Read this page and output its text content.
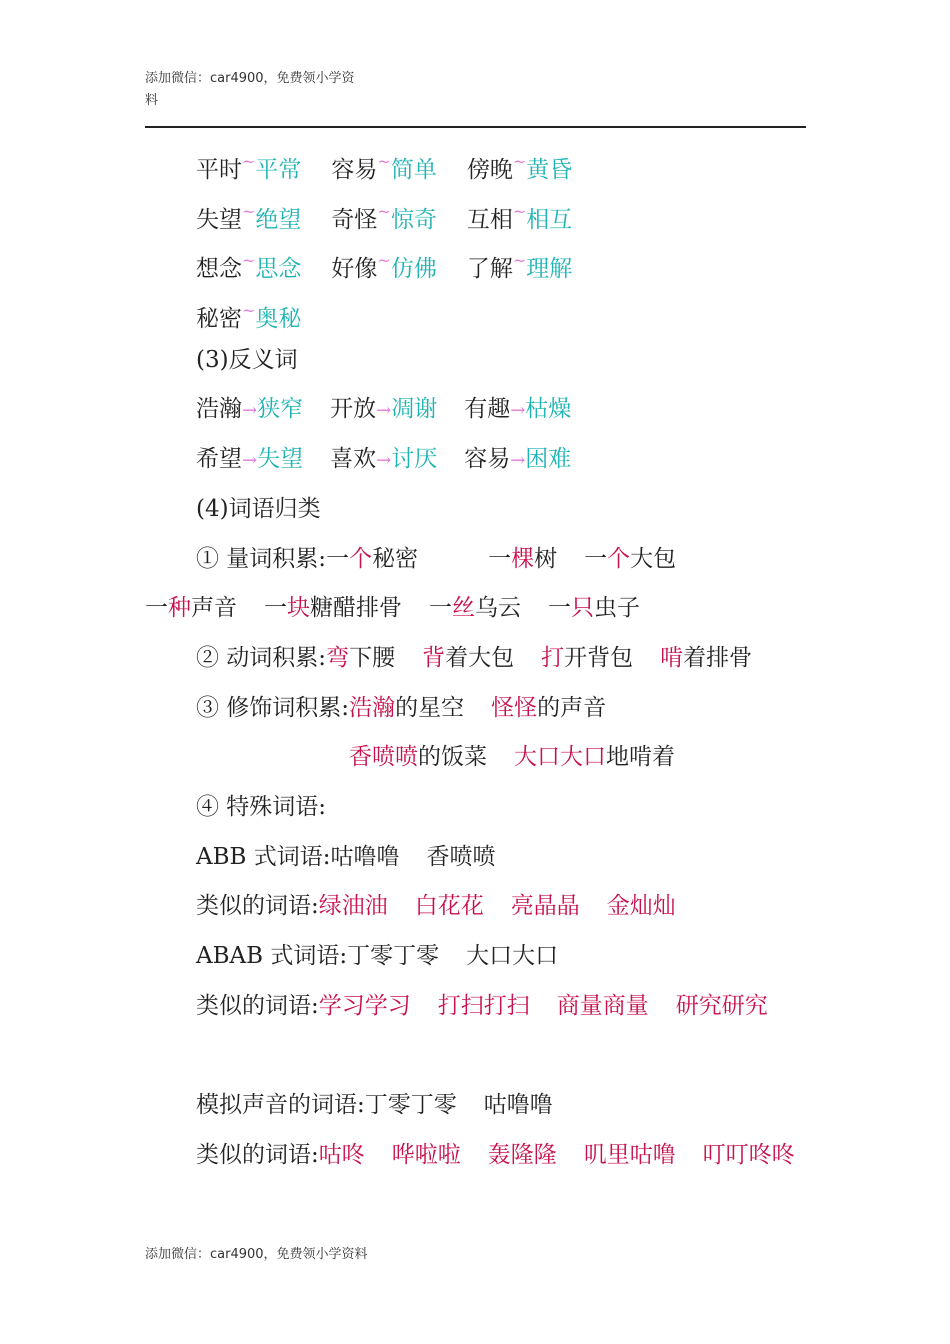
添加微信：car4900，免费领小学资
料
平时~平常 容易~简单 傍晚~黄昏
失望~绝望 奇怪~惊奇 互相~相互
想念~思念 好像~仿佛 了解~理解
秘密~奥秘
(3)反义词
浩瀚→狭窄 开放→凋谢 有趣→枯燥
希望→失望 喜欢→讨厌 容易→困难
(4)词语归类
① 量词积累:一个秘密	一棵树 一个大包
一种声音 一块糖醋排骨 一丝乌云 一只虫子
② 动词积累:弯下腰 背着大包 打开背包 啃着排骨
③ 修饰词积累:浩瀚的星空 怪怪的声音
香喷喷的饭菜 大口大口地啃着
④ 特殊词语:
ABB 式词语:咕噜噜 香喷喷
类似的词语:绿油油 白花花 亮晶晶 金灿灿
ABAB 式词语:丁零丁零 大口大口
类似的词语:学习学习 打扫打扫 商量商量 研究研究
模拟声音的词语:丁零丁零 咕噜噜
类似的词语:咕咚 哗啦啦 轰隆隆 叽里咕噜 叮叮咚咚
添加微信：car4900，免费领小学资料
